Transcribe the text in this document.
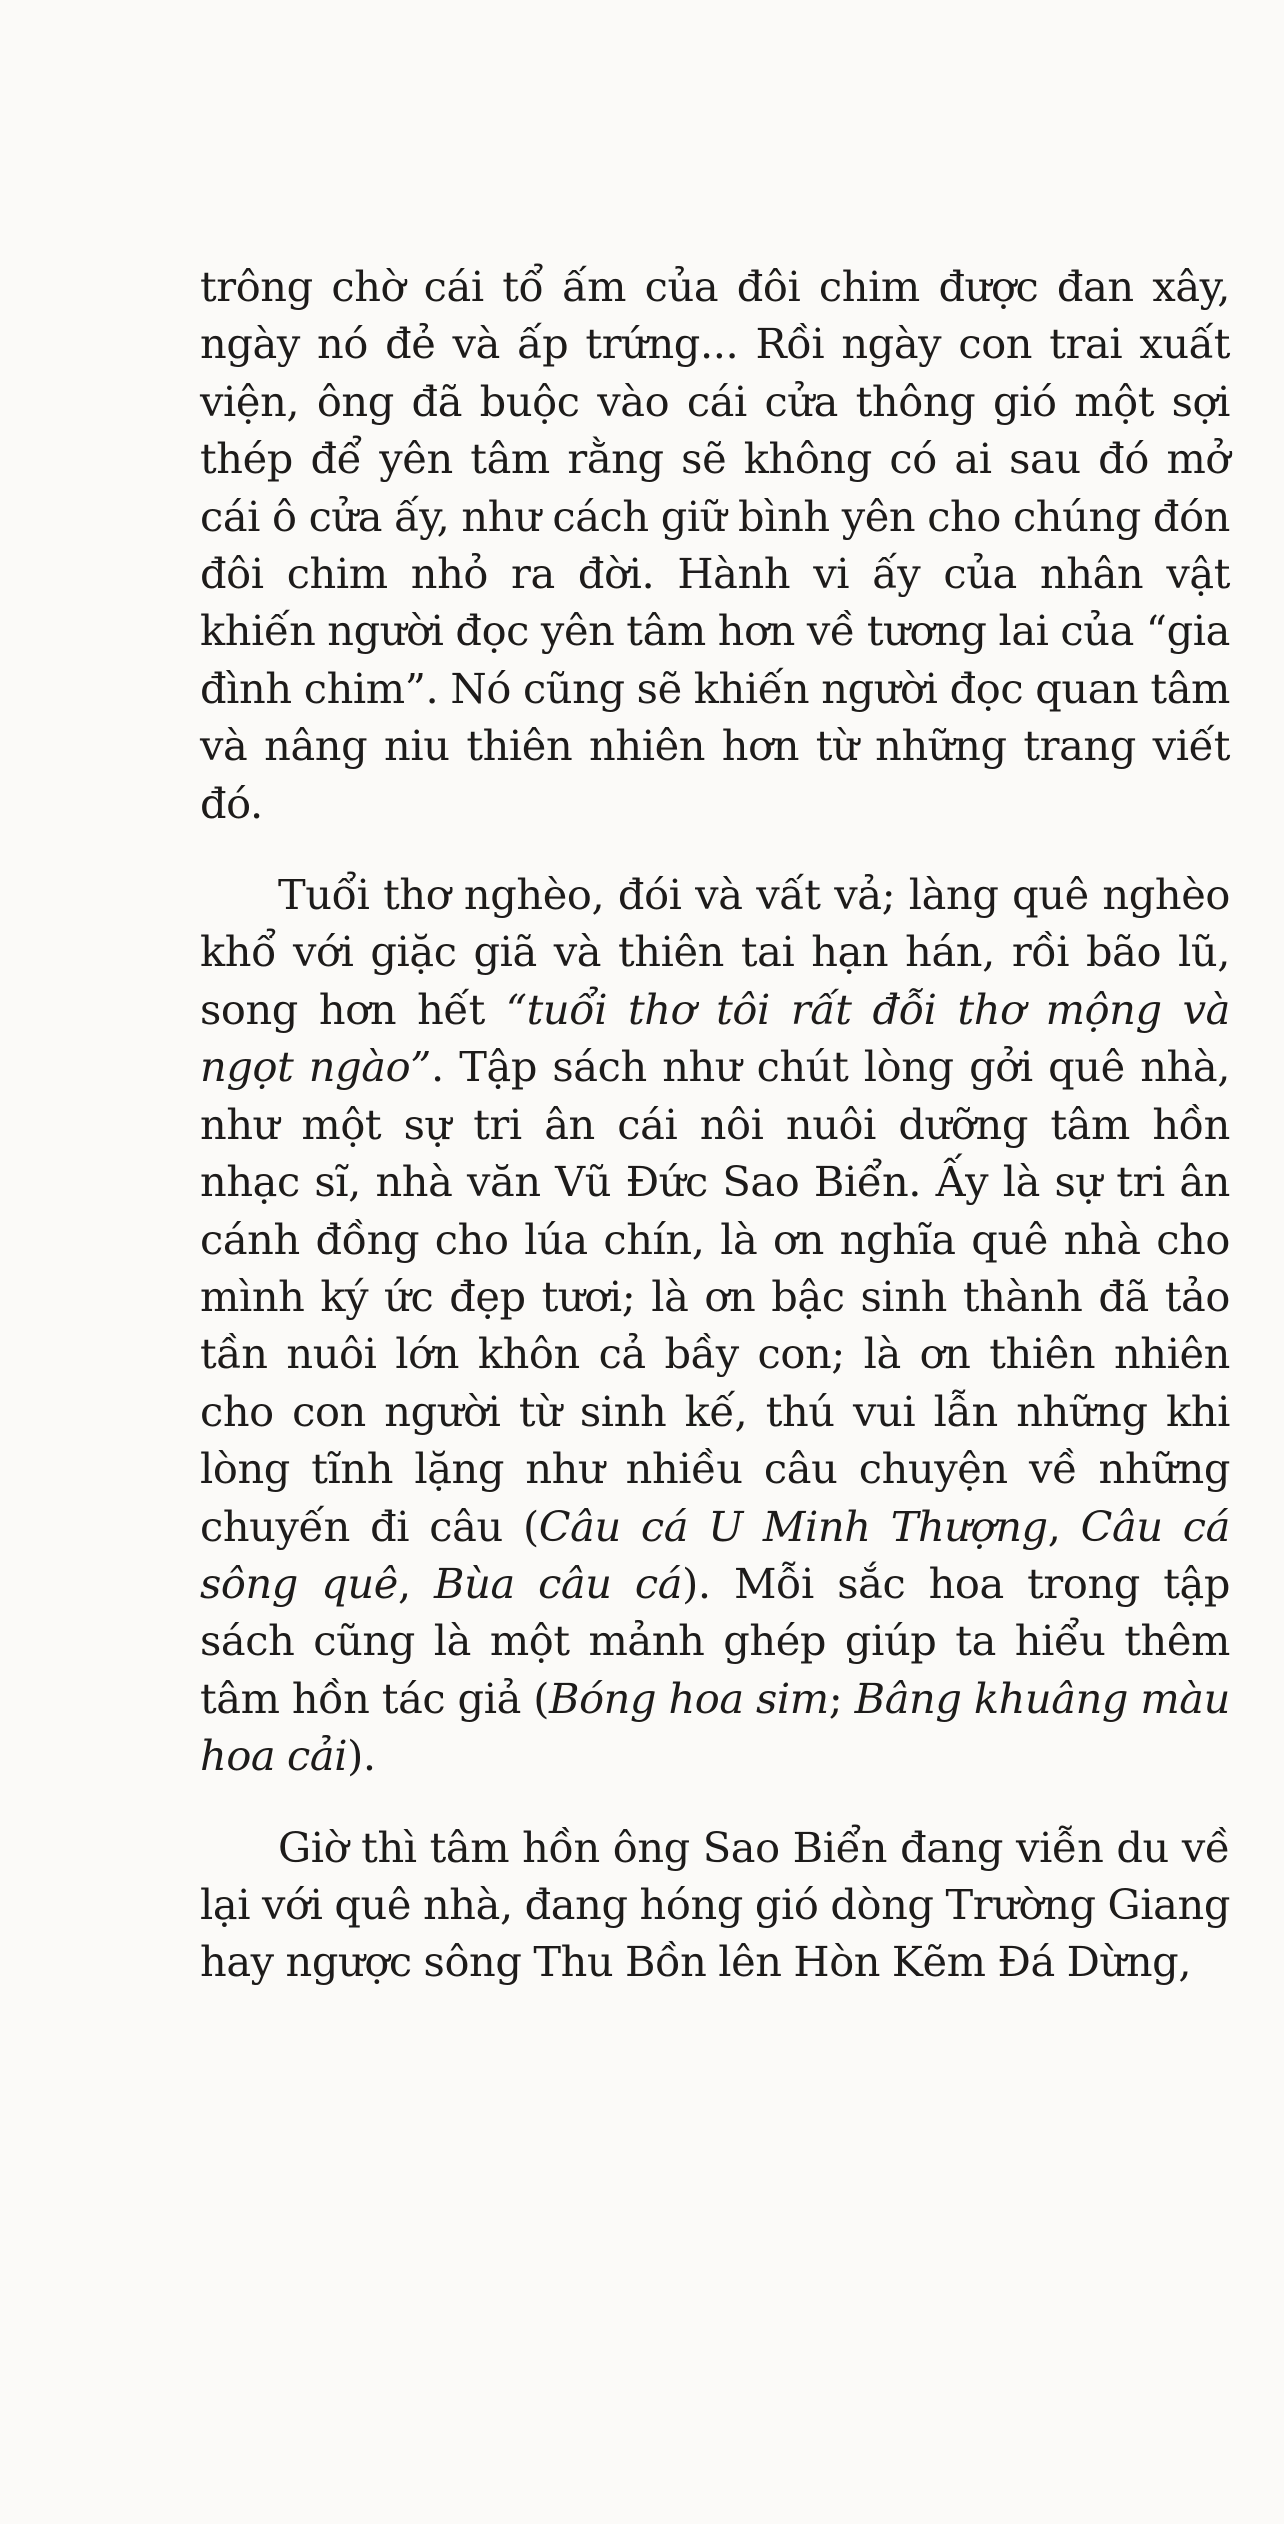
trông chờ cái tổ ấm của đôi chim được đan xây, ngày nó đẻ và ấp trứng... Rồi ngày con trai xuất viện, ông đã buộc vào cái cửa thông gió một sợi thép để yên tâm rằng sẽ không có ai sau đó mở cái ô cửa ấy, như cách giữ bình yên cho chúng đón đôi chim nhỏ ra đời. Hành vi ấy của nhân vật khiến người đọc yên tâm hơn về tương lai của “gia đình chim”. Nó cũng sẽ khiến người đọc quan tâm và nâng niu thiên nhiên hơn từ những trang viết đó.

Tuổi thơ nghèo, đói và vất vả; làng quê nghèo khổ với giặc giã và thiên tai hạn hán, rồi bão lũ, song hơn hết “tuổi thơ tôi rất đỗi thơ mộng và ngọt ngào”. Tập sách như chút lòng gởi quê nhà, như một sự tri ân cái nôi nuôi dưỡng tâm hồn nhạc sĩ, nhà văn Vũ Đức Sao Biển. Ấy là sự tri ân cánh đồng cho lúa chín, là ơn nghĩa quê nhà cho mình ký ức đẹp tươi; là ơn bậc sinh thành đã tảo tần nuôi lớn khôn cả bầy con; là ơn thiên nhiên cho con người từ sinh kế, thú vui lẫn những khi lòng tĩnh lặng như nhiều câu chuyện về những chuyến đi câu (Câu cá U Minh Thượng, Câu cá sông quê, Bùa câu cá). Mỗi sắc hoa trong tập sách cũng là một mảnh ghép giúp ta hiểu thêm tâm hồn tác giả (Bóng hoa sim; Bâng khuâng màu hoa cải).

Giờ thì tâm hồn ông Sao Biển đang viễn du về lại với quê nhà, đang hóng gió dòng Trường Giang hay ngược sông Thu Bồn lên Hòn Kẽm Đá Dừng,
